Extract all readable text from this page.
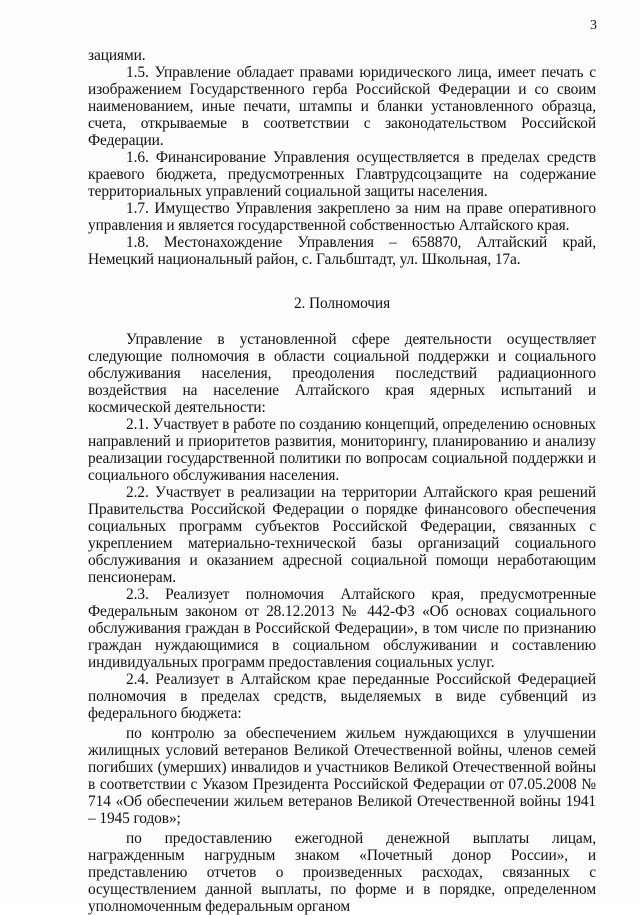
3

зациями.

1.5. Управление обладает правами юридического лица, имеет печать с изображением Государственного герба Российской Федерации и со своим наименованием, иные печати, штампы и бланки установленного образца, счета, открываемые в соответствии с законодательством Российской Федерации.

1.6. Финансирование Управления осуществляется в пределах средств краевого бюджета, предусмотренных Главтрудсоцзащите на содержание территориальных управлений социальной защиты населения.

1.7. Имущество Управления закреплено за ним на праве оперативного управления и является государственной собственностью Алтайского края.

1.8. Местонахождение Управления – 658870, Алтайский край, Немецкий национальный район, с. Гальбштадт, ул. Школьная, 17а.

2. Полномочия

Управление в установленной сфере деятельности осуществляет следующие полномочия в области социальной поддержки и социального обслуживания населения, преодоления последствий радиационного воздействия на население Алтайского края ядерных испытаний и космической деятельности:

2.1. Участвует в работе по созданию концепций, определению основных направлений и приоритетов развития, мониторингу, планированию и анализу реализации государственной политики по вопросам социальной поддержки и социального обслуживания населения.

2.2. Участвует в реализации на территории Алтайского края решений Правительства Российской Федерации о порядке финансового обеспечения социальных программ субъектов Российской Федерации, связанных с укреплением материально-технической базы организаций социального обслуживания и оказанием адресной социальной помощи неработающим пенсионерам.

2.3. Реализует полномочия Алтайского края, предусмотренные Федеральным законом от 28.12.2013 № 442-ФЗ «Об основах социального обслуживания граждан в Российской Федерации», в том числе по признанию граждан нуждающимися в социальном обслуживании и составлению индивидуальных программ предоставления социальных услуг.

2.4. Реализует в Алтайском крае переданные Российской Федерацией полномочия в пределах средств, выделяемых в виде субвенций из федерального бюджета:

по контролю за обеспечением жильем нуждающихся в улучшении жилищных условий ветеранов Великой Отечественной войны, членов семей погибших (умерших) инвалидов и участников Великой Отечественной войны в соответствии с Указом Президента Российской Федерации от 07.05.2008 № 714 «Об обеспечении жильем ветеранов Великой Отечественной войны 1941 – 1945 годов»;

по предоставлению ежегодной денежной выплаты лицам, награжденным нагрудным знаком «Почетный донор России», и представлению отчетов о произведенных расходах, связанных с осуществлением данной выплаты, по форме и в порядке, определенном уполномоченным федеральным органом
